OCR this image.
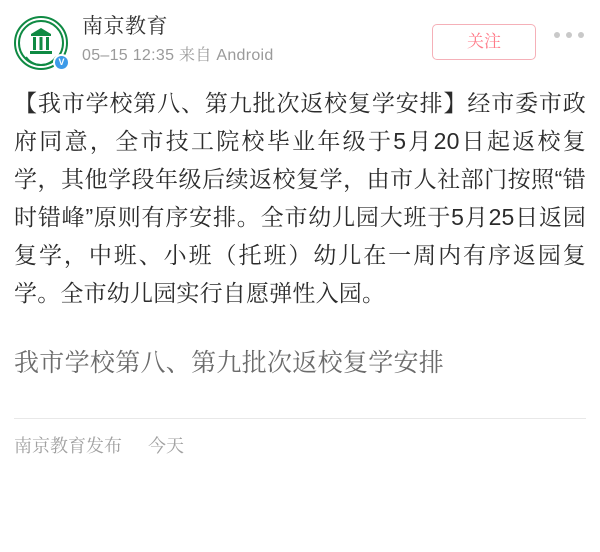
V
南京教育
05–15 12:35 来自 Android
关注
【我市学校第八、第九批次返校复学安排】经市委市政府同意，全市技工院校毕业年级于5月20日起返校复学，其他学段年级后续返校复学，由市人社部门按照“错时错峰”原则有序安排。全市幼儿园大班于5月25日返园复学，中班、小班（托班）幼儿在一周内有序返园复学。全市幼儿园实行自愿弹性入园。
我市学校第八、第九批次返校复学安排
南京教育发布 今天
